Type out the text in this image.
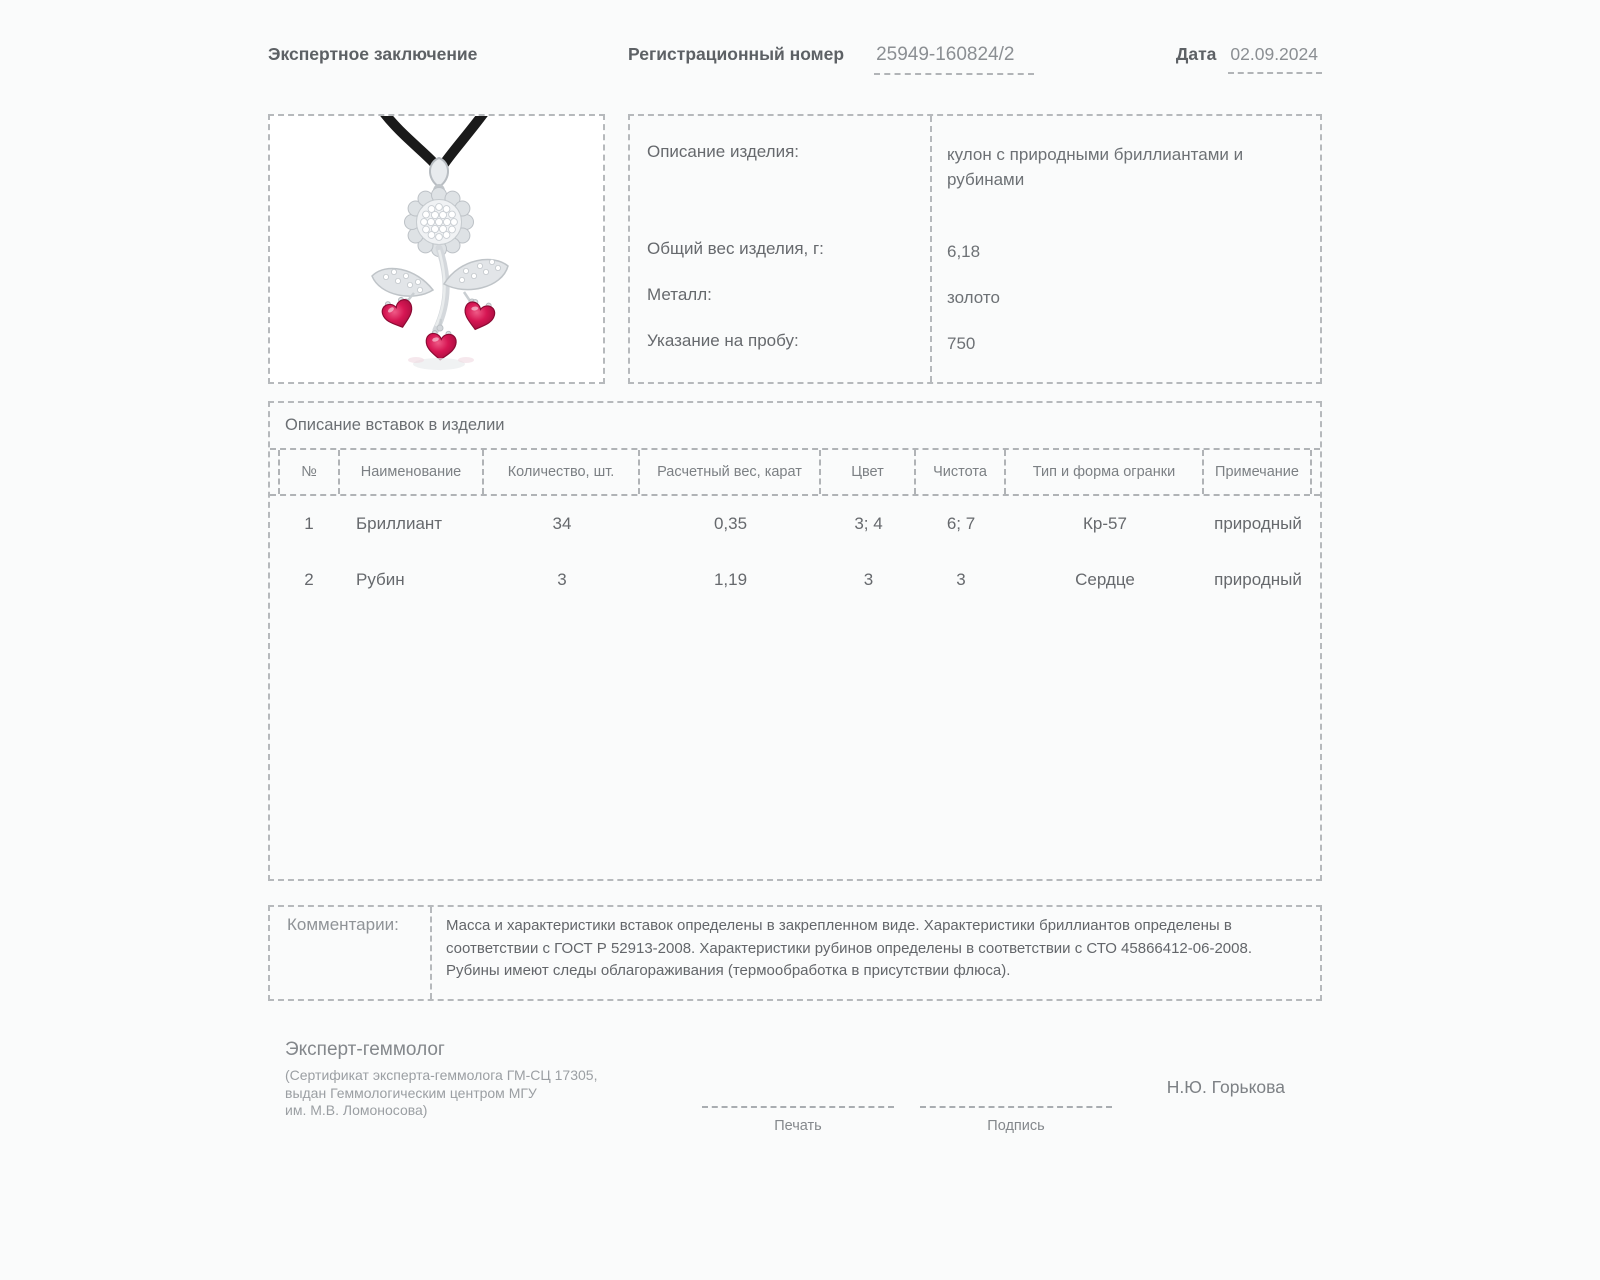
Экспертное заключение	Регистрационный номер 25949-160824/2	Дата 02.09.2024
Описание изделия:	кулон с природными бриллиантами и рубинами
Общий вес изделия, г:	6,18
Металл:	золото
Указание на пробу:	750
Описание вставок в изделии
№	Наименование	Количество, шт.	Расчетный вес, карат	Цвет	Чистота	Тип и форма огранки	Примечание
1	Бриллиант	34	0,35	3; 4	6; 7	Кр-57	природный
2	Рубин	3	1,19	3	3	Сердце	природный
Комментарии:	Масса и характеристики вставок определены в закрепленном виде. Характеристики бриллиантов определены в соответствии с ГОСТ Р 52913-2008. Характеристики рубинов определены в соответствии с СТО 45866412-06-2008. Рубины имеют следы облагораживания (термообработка в присутствии флюса).
Эксперт-геммолог
(Сертификат эксперта-геммолога ГМ-СЦ 17305,
выдан Геммологическим центром МГУ
им. М.В. Ломоносова)
Печать	Подпись
Н.Ю. Горькова
